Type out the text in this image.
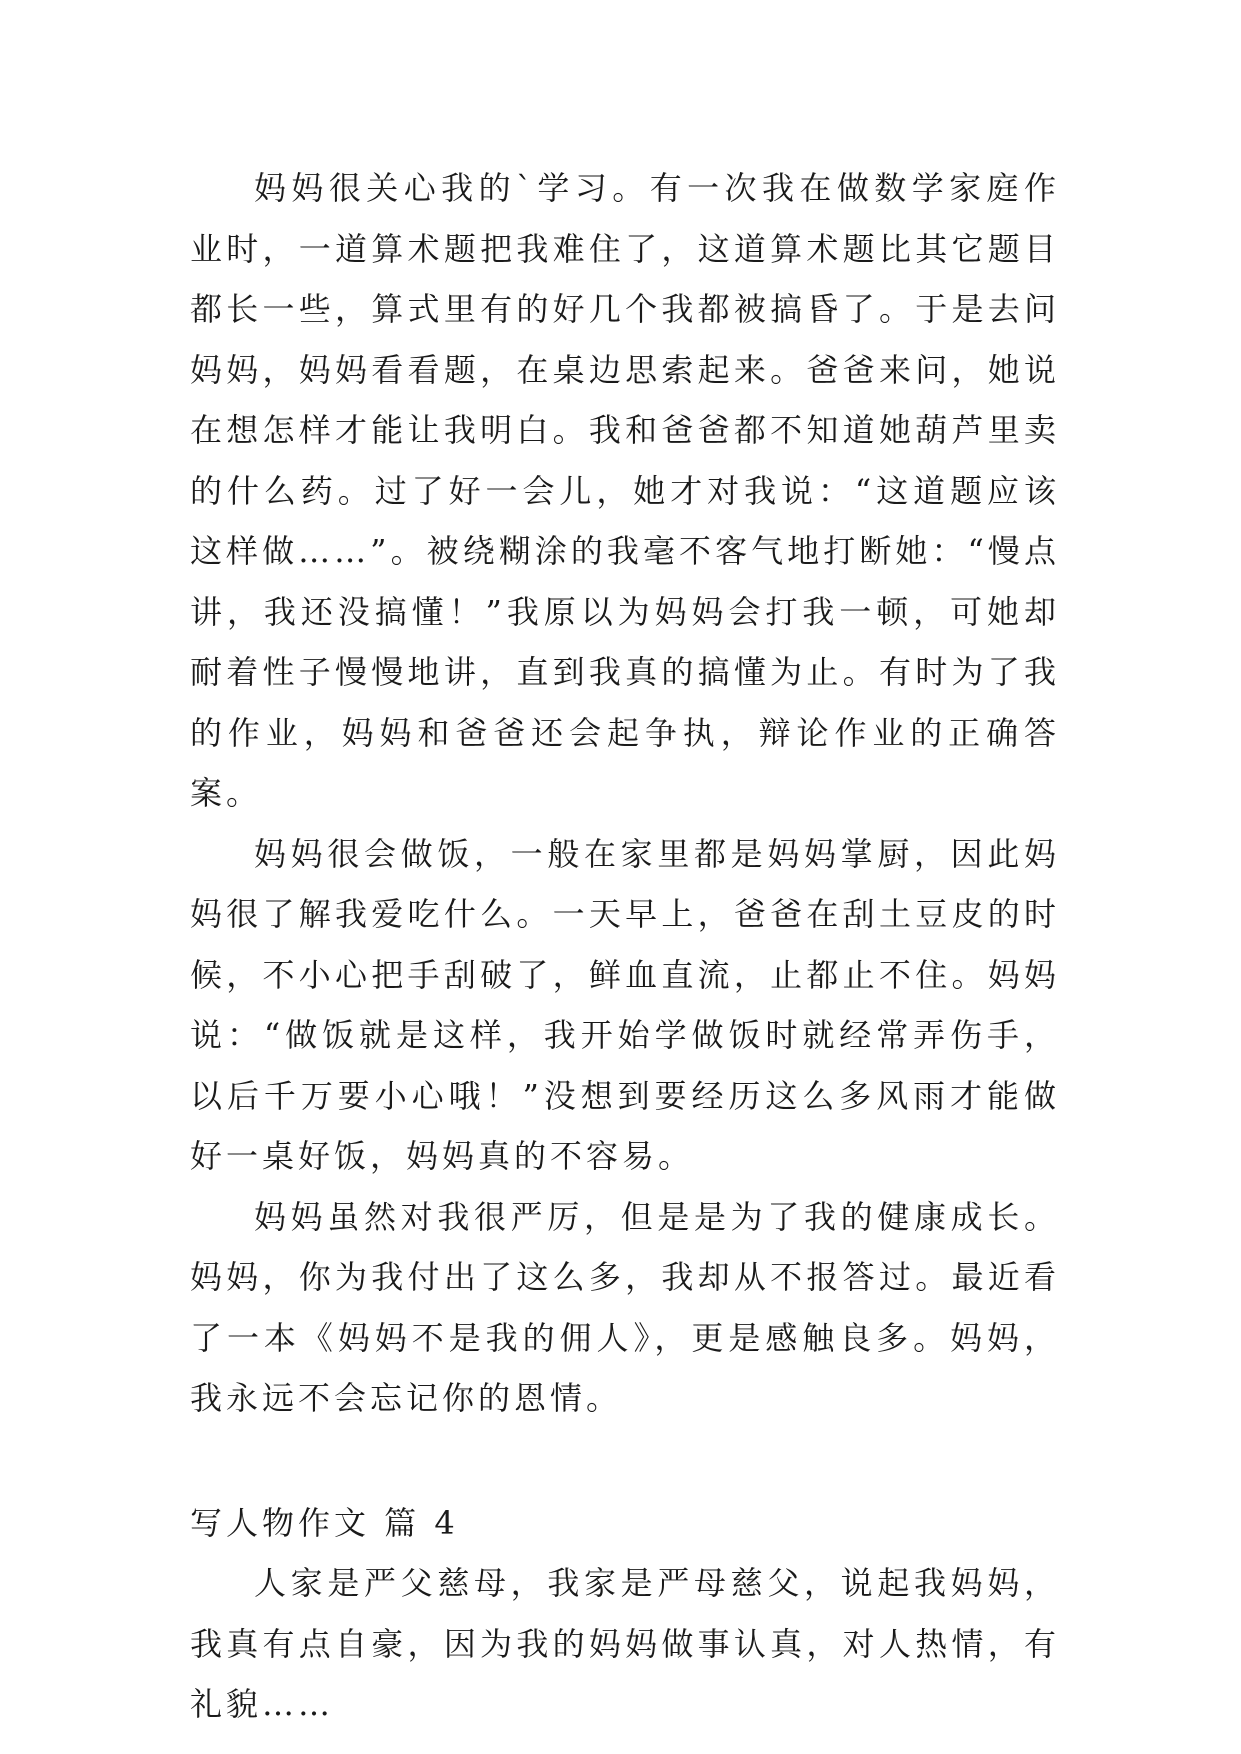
妈妈很关心我的`学习。有一次我在做数学家庭作业时，一道算术题把我难住了，这道算术题比其它题目都长一些，算式里有的好几个我都被搞昏了。于是去问妈妈，妈妈看看题，在桌边思索起来。爸爸来问，她说在想怎样才能让我明白。我和爸爸都不知道她葫芦里卖的什么药。过了好一会儿，她才对我说：“这道题应该这样做……”。被绕糊涂的我毫不客气地打断她：“慢点讲，我还没搞懂！”我原以为妈妈会打我一顿，可她却耐着性子慢慢地讲，直到我真的搞懂为止。有时为了我的作业，妈妈和爸爸还会起争执，辩论作业的正确答案。

妈妈很会做饭，一般在家里都是妈妈掌厨，因此妈妈很了解我爱吃什么。一天早上，爸爸在刮土豆皮的时候，不小心把手刮破了，鲜血直流，止都止不住。妈妈说：“做饭就是这样，我开始学做饭时就经常弄伤手，以后千万要小心哦！”没想到要经历这么多风雨才能做好一桌好饭，妈妈真的不容易。

妈妈虽然对我很严厉，但是是为了我的健康成长。妈妈，你为我付出了这么多，我却从不报答过。最近看了一本《妈妈不是我的佣人》，更是感触良多。妈妈，我永远不会忘记你的恩情。

写人物作文 篇 4

人家是严父慈母，我家是严母慈父，说起我妈妈，我真有点自豪，因为我的妈妈做事认真，对人热情，有礼貌……
